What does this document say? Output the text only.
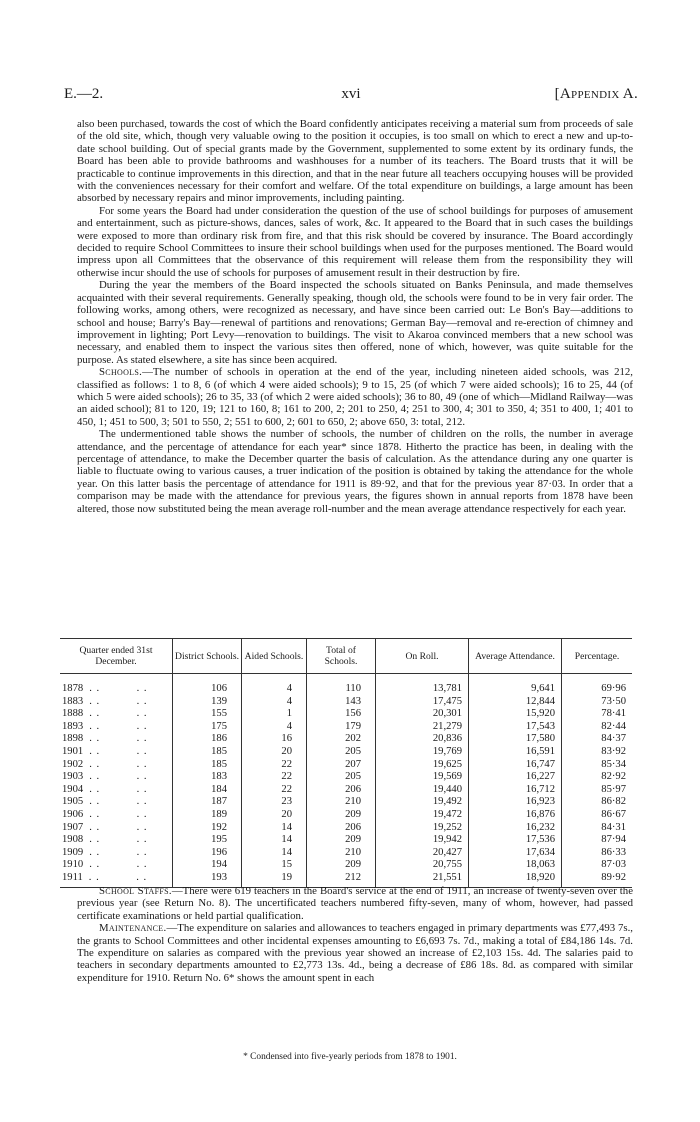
E.—2.	xvi	[Appendix A.

also been purchased, towards the cost of which the Board confidently anticipates receiving a material sum from proceeds of sale of the old site, which, though very valuable owing to the position it occupies, is too small on which to erect a new and up-to-date school building. Out of special grants made by the Government, supplemented to some extent by its ordinary funds, the Board has been able to provide bathrooms and washhouses for a number of its teachers. The Board trusts that it will be practicable to continue improvements in this direction, and that in the near future all teachers occupying houses will be provided with the conveniences necessary for their comfort and welfare. Of the total expenditure on buildings, a large amount has been absorbed by necessary repairs and minor improvements, including painting.

For some years the Board had under consideration the question of the use of school buildings for purposes of amusement and entertainment, such as picture-shows, dances, sales of work, &c. It appeared to the Board that in such cases the buildings were exposed to more than ordinary risk from fire, and that this risk should be covered by insurance. The Board accordingly decided to require School Committees to insure their school buildings when used for the purposes mentioned. The Board would impress upon all Committees that the observance of this requirement will release them from the responsibility they will otherwise incur should the use of schools for purposes of amusement result in their destruction by fire.

During the year the members of the Board inspected the schools situated on Banks Peninsula, and made themselves acquainted with their several requirements. Generally speaking, though old, the schools were found to be in very fair order. The following works, among others, were recognized as necessary, and have since been carried out: Le Bon's Bay—additions to school and house; Barry's Bay—renewal of partitions and renovations; German Bay—removal and re-erection of chimney and improvement in lighting; Port Levy—renovation to buildings. The visit to Akaroa convinced members that a new school was necessary, and enabled them to inspect the various sites then offered, none of which, however, was quite suitable for the purpose. As stated elsewhere, a site has since been acquired.

Schools.—The number of schools in operation at the end of the year, including nineteen aided schools, was 212, classified as follows: 1 to 8, 6 (of which 4 were aided schools); 9 to 15, 25 (of which 7 were aided schools); 16 to 25, 44 (of which 5 were aided schools); 26 to 35, 33 (of which 2 were aided schools); 36 to 80, 49 (one of which—Midland Railway—was an aided school); 81 to 120, 19; 121 to 160, 8; 161 to 200, 2; 201 to 250, 4; 251 to 300, 4; 301 to 350, 4; 351 to 400, 1; 401 to 450, 1; 451 to 500, 3; 501 to 550, 2; 551 to 600, 2; 601 to 650, 2; above 650, 3: total, 212.

The undermentioned table shows the number of schools, the number of children on the rolls, the number in average attendance, and the percentage of attendance for each year* since 1878. Hitherto the practice has been, in dealing with the percentage of attendance, to make the December quarter the basis of calculation. As the attendance during any one quarter is liable to fluctuate owing to various causes, a truer indication of the position is obtained by taking the attendance for the whole year. On this latter basis the percentage of attendance for 1911 is 89·92, and that for the previous year 87·03. In order that a comparison may be made with the attendance for previous years, the figures shown in annual reports from 1878 have been altered, those now substituted being the mean average roll-number and the mean average attendance respectively for each year.

Quarter ended 31st December.	District Schools.	Aided Schools.	Total of Schools.	On Roll.	Average Attendance.	Percentage.

1878 . .          . .	106	4	110	13,781	9,641	69·96
1883 . .          . .	139	4	143	17,475	12,844	73·50
1888 . .          . .	155	1	156	20,301	15,920	78·41
1893 . .          . .	175	4	179	21,279	17,543	82·44
1898 . .          . .	186	16	202	20,836	17,580	84·37
1901 . .          . .	185	20	205	19,769	16,591	83·92
1902 . .          . .	185	22	207	19,625	16,747	85·34
1903 . .          . .	183	22	205	19,569	16,227	82·92
1904 . .          . .	184	22	206	19,440	16,712	85·97
1905 . .          . .	187	23	210	19,492	16,923	86·82
1906 . .          . .	189	20	209	19,472	16,876	86·67
1907 . .          . .	192	14	206	19,252	16,232	84·31
1908 . .          . .	195	14	209	19,942	17,536	87·94
1909 . .          . .	196	14	210	20,427	17,634	86·33
1910 . .          . .	194	15	209	20,755	18,063	87·03
1911 . .          . .	193	19	212	21,551	18,920	89·92

School Staffs.—There were 619 teachers in the Board's service at the end of 1911, an increase of twenty-seven over the previous year (see Return No. 8). The uncertificated teachers numbered fifty-seven, many of whom, however, had passed certificate examinations or held partial qualification.

Maintenance.—The expenditure on salaries and allowances to teachers engaged in primary departments was £77,493 7s., the grants to School Committees and other incidental expenses amounting to £6,693 7s. 7d., making a total of £84,186 14s. 7d. The expenditure on salaries as compared with the previous year showed an increase of £2,103 15s. 4d. The salaries paid to teachers in secondary departments amounted to £2,773 13s. 4d., being a decrease of £86 18s. 8d. as compared with similar expenditure for 1910. Return No. 6* shows the amount spent in each

* Condensed into five-yearly periods from 1878 to 1901.
